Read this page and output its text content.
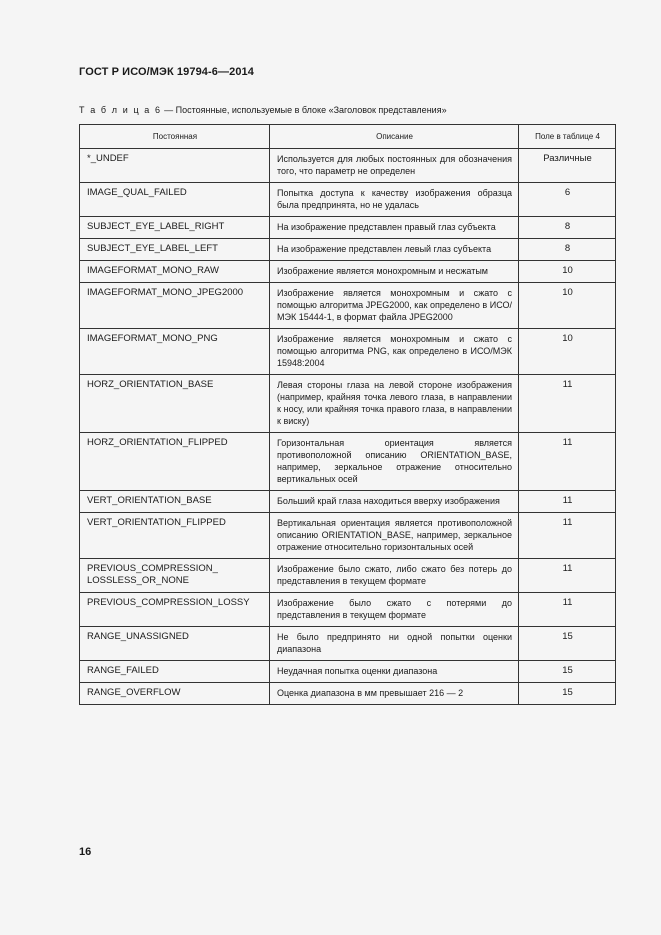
ГОСТ Р ИСО/МЭК 19794-6—2014
Т а б л и ц а 6 — Постоянные, используемые в блоке «Заголовок представления»
Постоянная	Описание	Поле в таблице 4
*_UNDEF	Используется для любых постоянных для обозначения того, что параметр не определен	Различные
IMAGE_QUAL_FAILED	Попытка доступа к качеству изображения образца была предпринята, но не удалась	6
SUBJECT_EYE_LABEL_RIGHT	На изображение представлен правый глаз субъекта	8
SUBJECT_EYE_LABEL_LEFT	На изображение представлен левый глаз субъекта	8
IMAGEFORMAT_MONO_RAW	Изображение является монохромным и несжатым	10
IMAGEFORMAT_MONO_JPEG2000	Изображение является монохромным и сжато с помощью алгоритма JPEG2000, как определено в ИСО/МЭК 15444-1, в формат файла JPEG2000	10
IMAGEFORMAT_MONO_PNG	Изображение является монохромным и сжато с помощью алгоритма PNG, как определено в ИСО/МЭК 15948:2004	10
HORZ_ORIENTATION_BASE	Левая стороны глаза на левой стороне изображения (например, крайняя точка левого глаза, в направлении к носу, или крайняя точка правого глаза, в направлении к виску)	11
HORZ_ORIENTATION_FLIPPED	Горизонтальная ориентация является противоположной описанию ORIENTATION_BASE, например, зеркальное отражение относительно вертикальных осей	11
VERT_ORIENTATION_BASE	Больший край глаза находиться вверху изображения	11
VERT_ORIENTATION_FLIPPED	Вертикальная ориентация является противоположной описанию ORIENTATION_BASE, например, зеркальное отражение относительно горизонтальных осей	11
PREVIOUS_COMPRESSION_ LOSSLESS_OR_NONE	Изображение было сжато, либо сжато без потерь до представления в текущем формате	11
PREVIOUS_COMPRESSION_LOSSY	Изображение было сжато с потерями до представления в текущем формате	11
RANGE_UNASSIGNED	Не было предпринято ни одной попытки оценки диапазона	15
RANGE_FAILED	Неудачная попытка оценки диапазона	15
RANGE_OVERFLOW	Оценка диапазона в мм превышает 216 — 2	15
16
